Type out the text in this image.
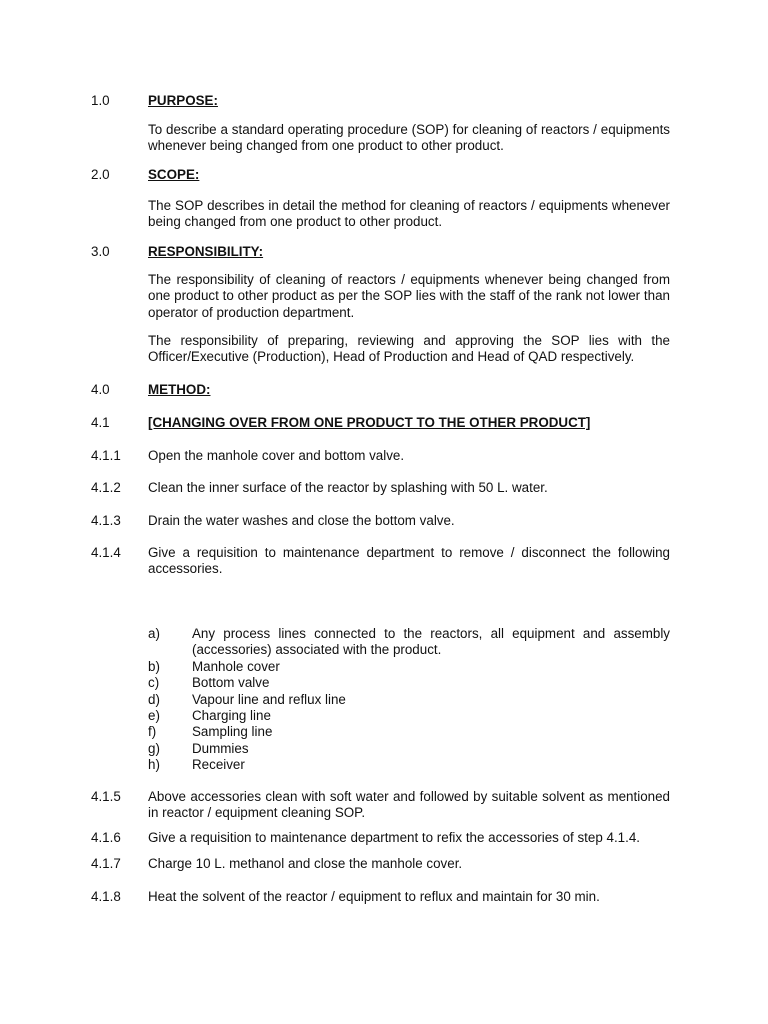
1.0	PURPOSE:
To describe a standard operating procedure (SOP) for cleaning of reactors / equipments whenever being changed from one product to other product.
2.0	SCOPE:
The SOP describes in detail the method for cleaning of reactors / equipments whenever being changed from one product to other product.
3.0	RESPONSIBILITY:
The responsibility of cleaning of reactors / equipments whenever being changed from one product to other product as per the SOP lies with the staff of the rank not lower than operator of production department.
The responsibility of preparing, reviewing and approving the SOP lies with the Officer/Executive (Production), Head of Production and Head of QAD respectively.
4.0	METHOD:
4.1	[CHANGING OVER FROM ONE PRODUCT TO THE OTHER PRODUCT]
4.1.1	Open the manhole cover and bottom valve.
4.1.2	Clean the inner surface of the reactor by splashing with 50 L. water.
4.1.3	Drain the water washes and close the bottom valve.
4.1.4	Give a requisition to maintenance department to remove / disconnect the following accessories.
a)	Any process lines connected to the reactors, all equipment and assembly (accessories) associated with the product.
b)	Manhole cover
c)	Bottom valve
d)	Vapour line and reflux line
e)	Charging line
f)	Sampling line
g)	Dummies
h)	Receiver
4.1.5	Above accessories clean with soft water and followed by suitable solvent as mentioned in reactor / equipment cleaning SOP.
4.1.6	Give a requisition to maintenance department to refix the accessories of step 4.1.4.
4.1.7	Charge 10 L. methanol and close the manhole cover.
4.1.8	Heat the solvent of the reactor / equipment to reflux and maintain for 30 min.
